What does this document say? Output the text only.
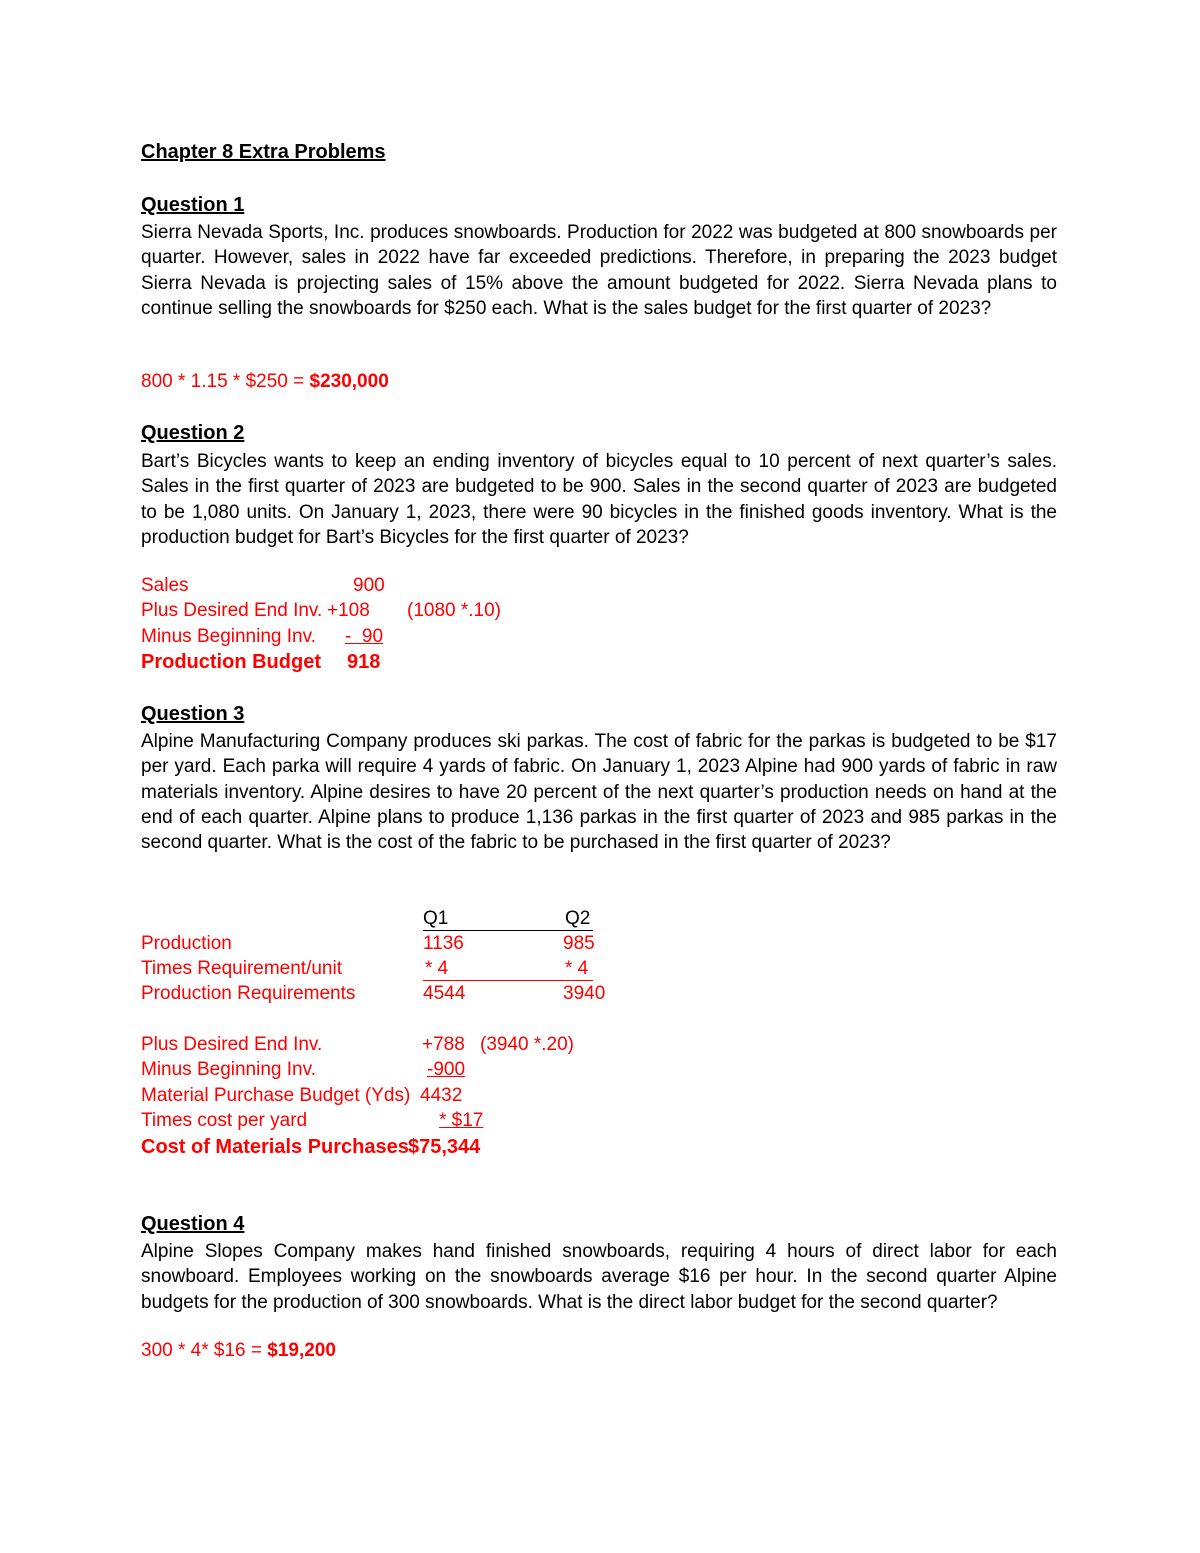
Chapter 8 Extra Problems
Question 1
Sierra Nevada Sports, Inc. produces snowboards. Production for 2022 was budgeted at 800 snowboards per quarter. However, sales in 2022 have far exceeded predictions. Therefore, in preparing the 2023 budget Sierra Nevada is projecting sales of 15% above the amount budgeted for 2022. Sierra Nevada plans to continue selling the snowboards for $250 each. What is the sales budget for the first quarter of 2023?
800 * 1.15 * $250 = $230,000
Question 2
Bart’s Bicycles wants to keep an ending inventory of bicycles equal to 10 percent of next quarter’s sales. Sales in the first quarter of 2023 are budgeted to be 900. Sales in the second quarter of 2023 are budgeted to be 1,080 units. On January 1, 2023, there were 90 bicycles in the finished goods inventory. What is the production budget for Bart’s Bicycles for the first quarter of 2023?
Sales	900
Plus Desired End Inv. +108 (1080 *.10)
Minus Beginning Inv. -  90
Production Budget 918
Question 3
Alpine Manufacturing Company produces ski parkas. The cost of fabric for the parkas is budgeted to be $17 per yard. Each parka will require 4 yards of fabric. On January 1, 2023 Alpine had 900 yards of fabric in raw materials inventory. Alpine desires to have 20 percent of the next quarter’s production needs on hand at the end of each quarter. Alpine plans to produce 1,136 parkas in the first quarter of 2023 and 985 parkas in the second quarter. What is the cost of the fabric to be purchased in the first quarter of 2023?
Q1	Q2
Production	1136	985
Times Requirement/unit	* 4	* 4
Production Requirements	4544	3940
Plus Desired End Inv.	+788 (3940 *.20)
Minus Beginning Inv.	-900
Material Purchase Budget (Yds) 4432
Times cost per yard	* $17
Cost of Materials Purchases $75,344
Question 4
Alpine Slopes Company makes hand finished snowboards, requiring 4 hours of direct labor for each snowboard. Employees working on the snowboards average $16 per hour. In the second quarter Alpine budgets for the production of 300 snowboards. What is the direct labor budget for the second quarter?
300 * 4* $16 = $19,200
